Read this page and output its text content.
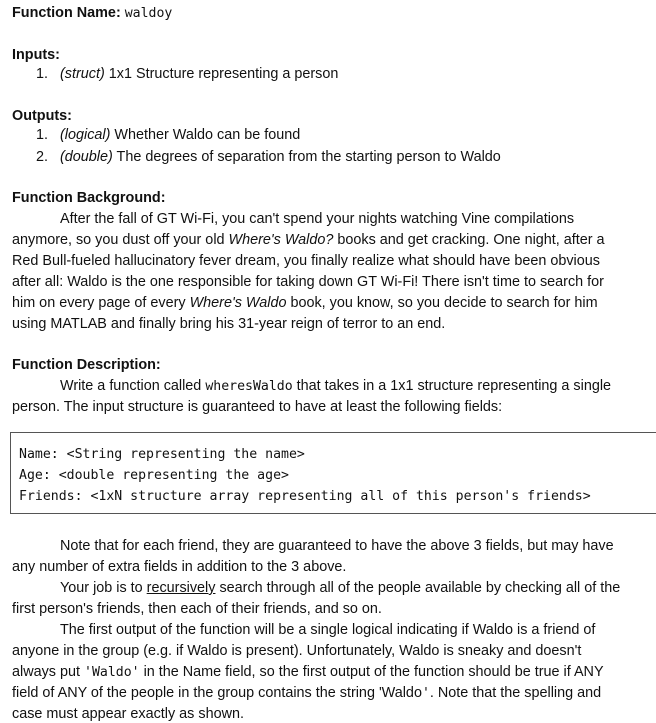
Function Name: waldoy
Inputs:
1. (struct) 1x1 Structure representing a person
Outputs:
1. (logical) Whether Waldo can be found
2. (double) The degrees of separation from the starting person to Waldo
Function Background:
After the fall of GT Wi-Fi, you can't spend your nights watching Vine compilations
anymore, so you dust off your old Where's Waldo? books and get cracking. One night, after a
Red Bull-fueled hallucinatory fever dream, you finally realize what should have been obvious
after all: Waldo is the one responsible for taking down GT Wi-Fi! There isn't time to search for
him on every page of every Where's Waldo book, you know, so you decide to search for him
using MATLAB and finally bring his 31-year reign of terror to an end.
Function Description:
Write a function called wheresWaldo that takes in a 1x1 structure representing a single
person. The input structure is guaranteed to have at least the following fields:
Name: <String representing the name>
Age: <double representing the age>
Friends: <1xN structure array representing all of this person's friends>
Note that for each friend, they are guaranteed to have the above 3 fields, but may have
any number of extra fields in addition to the 3 above.
Your job is to recursively search through all of the people available by checking all of the
first person's friends, then each of their friends, and so on.
The first output of the function will be a single logical indicating if Waldo is a friend of
anyone in the group (e.g. if Waldo is present). Unfortunately, Waldo is sneaky and doesn't
always put 'Waldo' in the Name field, so the first output of the function should be true if ANY
field of ANY of the people in the group contains the string 'Waldo'. Note that the spelling and
case must appear exactly as shown.
